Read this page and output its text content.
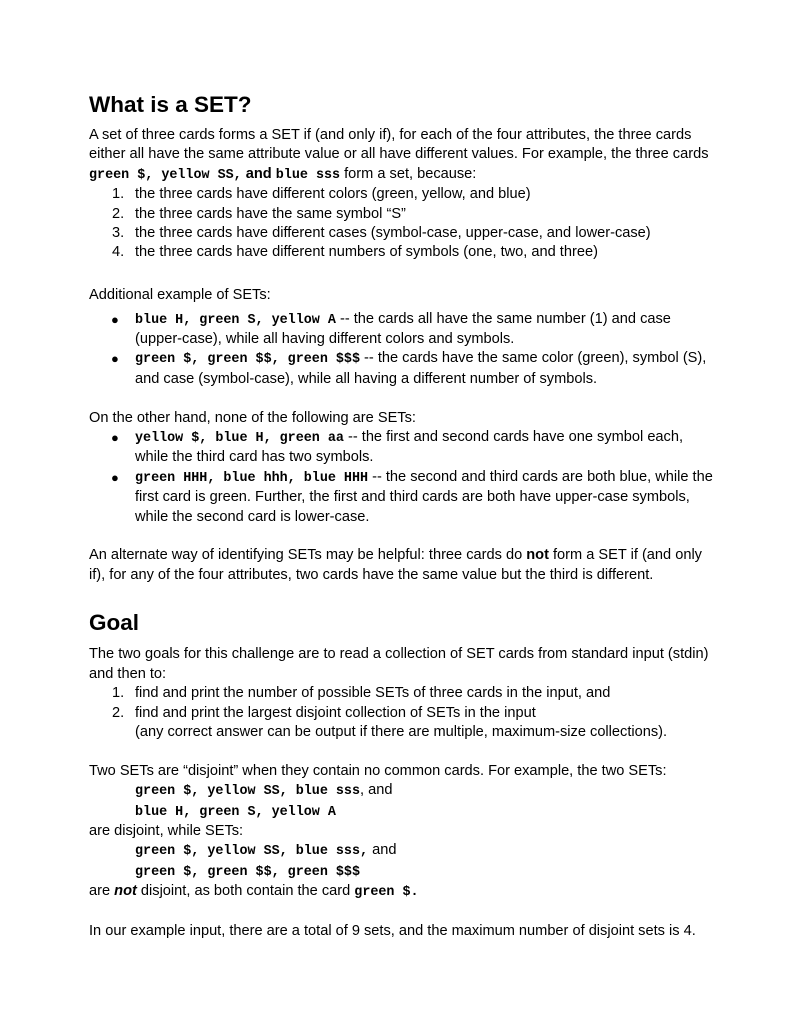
What is a SET?

A set of three cards forms a SET if (and only if), for each of the four attributes, the three cards either all have the same attribute value or all have different values. For example, the three cards
green $, yellow SS, and blue sss form a set, because:

1. the three cards have different colors (green, yellow, and blue)
2. the three cards have the same symbol “S”
3. the three cards have different cases (symbol-case, upper-case, and lower-case)
4. the three cards have different numbers of symbols (one, two, and three)

Additional example of SETs:

● blue H, green S, yellow A -- the cards all have the same number (1) and case (upper-case), while all having different colors and symbols.
● green $, green $$, green $$$ -- the cards have the same color (green), symbol (S), and case (symbol-case), while all having a different number of symbols.

On the other hand, none of the following are SETs:

● yellow $, blue H, green aa -- the first and second cards have one symbol each, while the third card has two symbols.
● green HHH, blue hhh, blue HHH -- the second and third cards are both blue, while the first card is green. Further, the first and third cards are both have upper-case symbols, while the second card is lower-case.

An alternate way of identifying SETs may be helpful: three cards do not form a SET if (and only if), for any of the four attributes, two cards have the same value but the third is different.

Goal

The two goals for this challenge are to read a collection of SET cards from standard input (stdin) and then to:

1. find and print the number of possible SETs of three cards in the input, and
2. find and print the largest disjoint collection of SETs in the input

(any correct answer can be output if there are multiple, maximum-size collections).

Two SETs are “disjoint” when they contain no common cards. For example, the two SETs:

green $, yellow SS, blue sss, and

blue H, green S, yellow A

are disjoint, while SETs:

green $, yellow SS, blue sss, and

green $, green $$, green $$$

are not disjoint, as both contain the card green $.

In our example input, there are a total of 9 sets, and the maximum number of disjoint sets is 4.
